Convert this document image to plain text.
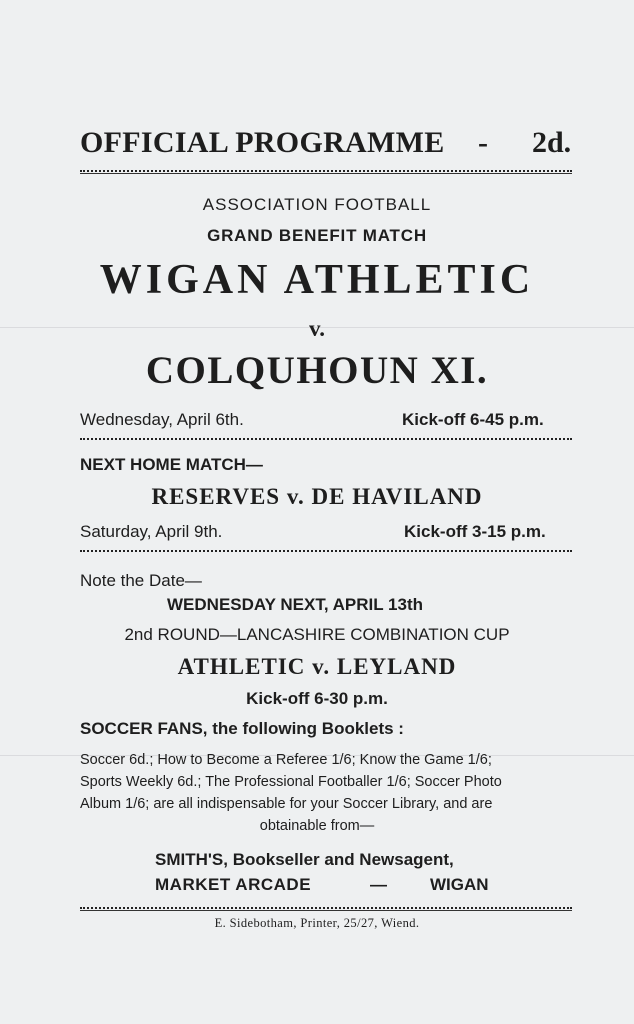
OFFICIAL PROGRAMME - 2d.
ASSOCIATION FOOTBALL
GRAND BENEFIT MATCH
WIGAN ATHLETIC
v.
COLQUHOUN XI.
Wednesday, April 6th.	Kick-off 6-45 p.m.
NEXT HOME MATCH—
RESERVES v. DE HAVILAND
Saturday, April 9th.	Kick-off 3-15 p.m.
Note the Date—
WEDNESDAY NEXT, APRIL 13th
2nd ROUND—LANCASHIRE COMBINATION CUP
ATHLETIC v. LEYLAND
Kick-off 6-30 p.m.
SOCCER FANS, the following Booklets :
Soccer 6d.; How to Become a Referee 1/6; Know the Game 1/6;
Sports Weekly 6d.; The Professional Footballer 1/6; Soccer Photo
Album 1/6; are all indispensable for your Soccer Library, and are
obtainable from—
SMITH'S, Bookseller and Newsagent,
MARKET ARCADE	—	WIGAN
E. Sidebotham, Printer, 25/27, Wiend.
